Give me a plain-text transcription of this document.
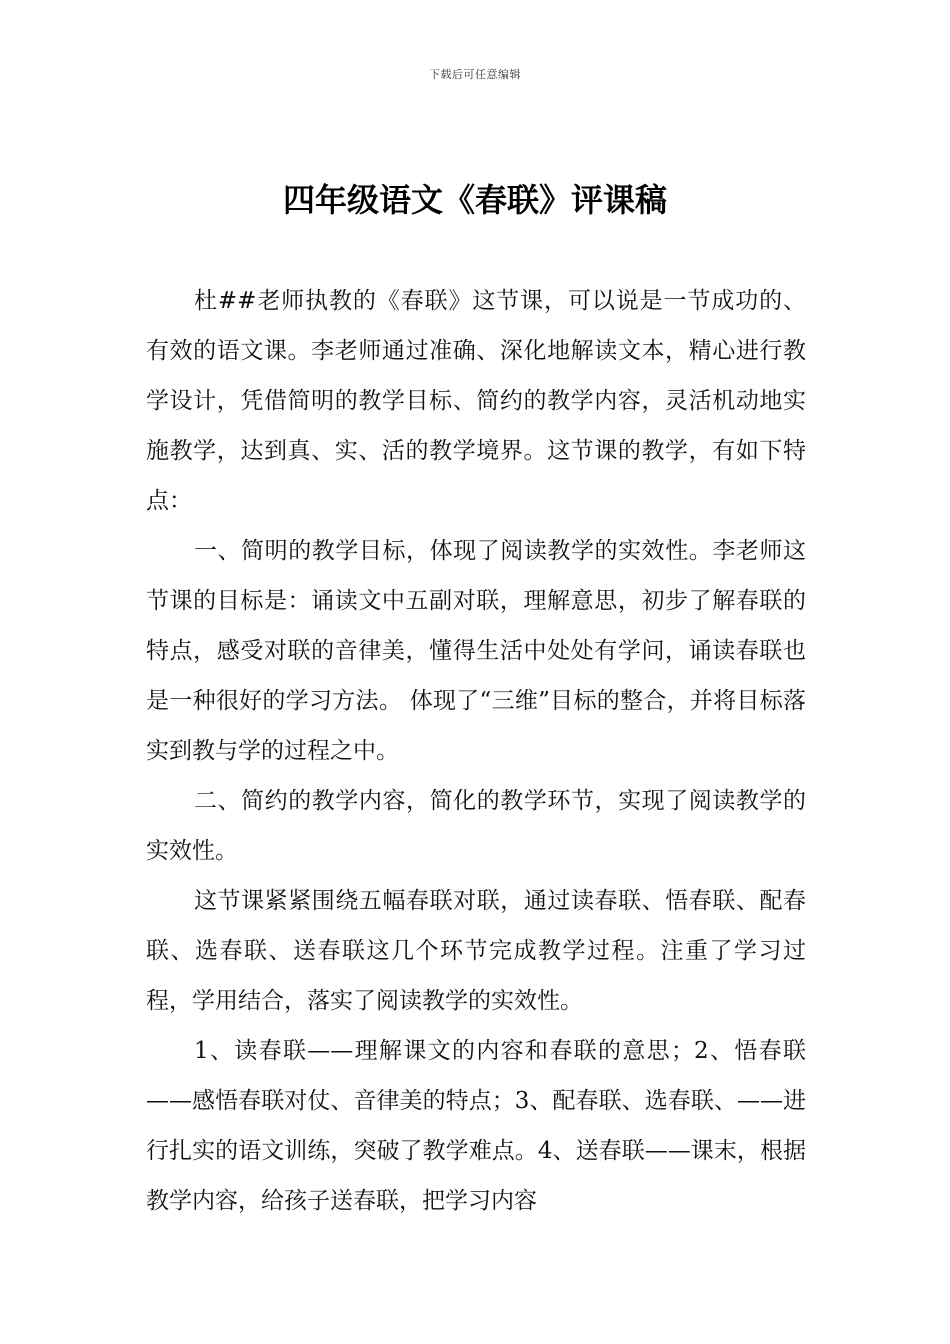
下载后可任意编辑
四年级语文《春联》评课稿

杜##老师执教的《春联》这节课，可以说是一节成功的、有效的语文课。李老师通过准确、深化地解读文本，精心进行教学设计，凭借简明的教学目标、简约的教学内容，灵活机动地实施教学，达到真、实、活的教学境界。这节课的教学，有如下特点：

一、简明的教学目标，体现了阅读教学的实效性。李老师这节课的目标是：诵读文中五副对联，理解意思，初步了解春联的特点，感受对联的音律美，懂得生活中处处有学问，诵读春联也是一种很好的学习方法。 体现了“三维”目标的整合，并将目标落实到教与学的过程之中。

二、简约的教学内容，简化的教学环节，实现了阅读教学的实效性。

这节课紧紧围绕五幅春联对联，通过读春联、悟春联、配春联、选春联、送春联这几个环节完成教学过程。注重了学习过程，学用结合，落实了阅读教学的实效性。

1、读春联——理解课文的内容和春联的意思；2、悟春联——感悟春联对仗、音律美的特点；3、配春联、选春联、——进行扎实的语文训练，突破了教学难点。4、送春联——课末，根据教学内容，给孩子送春联，把学习内容
